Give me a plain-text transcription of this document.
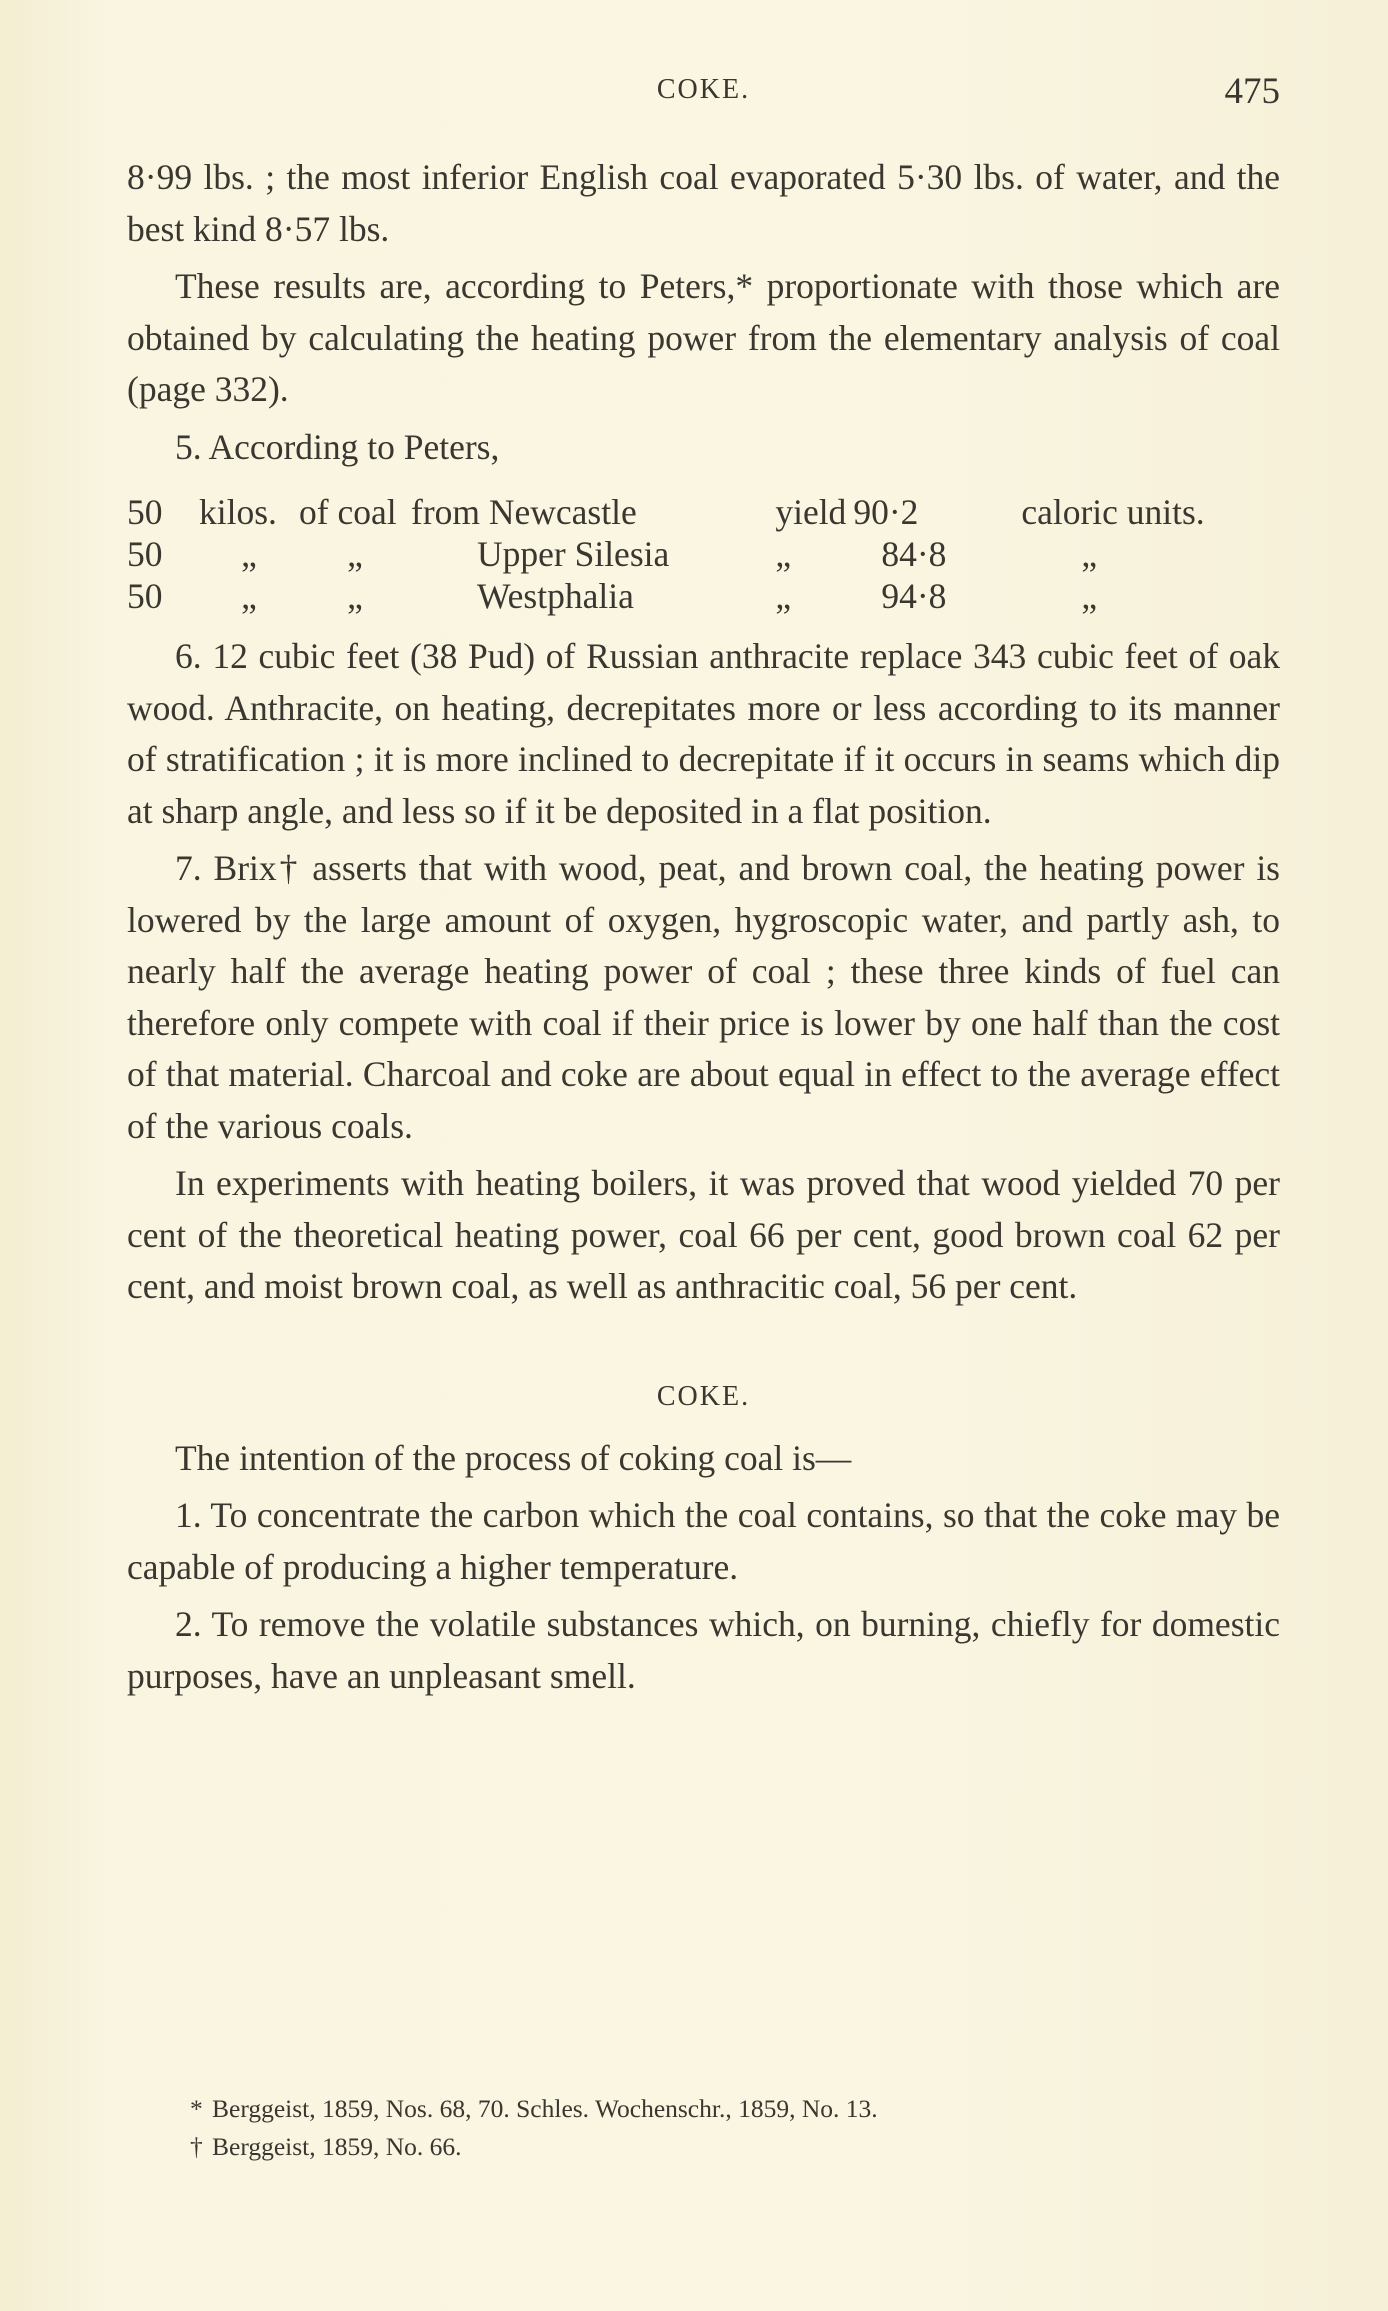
COKE.	475

8·99 lbs. ; the most inferior English coal evaporated 5·30 lbs. of water, and the best kind 8·57 lbs.

These results are, according to Peters,* proportionate with those which are obtained by calculating the heating power from the elementary analysis of coal (page 332).

5. According to Peters,

50	kilos.	of coal	from Newcastle	yield	90·2	caloric units.
50	„	„	Upper Silesia	„	84·8	„
50	„	„	Westphalia	„	94·8	„

6. 12 cubic feet (38 Pud) of Russian anthracite replace 343 cubic feet of oak wood. Anthracite, on heating, decrepitates more or less according to its manner of stratification ; it is more inclined to decrepitate if it occurs in seams which dip at sharp angle, and less so if it be deposited in a flat position.

7. Brix† asserts that with wood, peat, and brown coal, the heating power is lowered by the large amount of oxygen, hygroscopic water, and partly ash, to nearly half the average heating power of coal ; these three kinds of fuel can therefore only compete with coal if their price is lower by one half than the cost of that material. Charcoal and coke are about equal in effect to the average effect of the various coals.

In experiments with heating boilers, it was proved that wood yielded 70 per cent of the theoretical heating power, coal 66 per cent, good brown coal 62 per cent, and moist brown coal, as well as anthracitic coal, 56 per cent.

COKE.

The intention of the process of coking coal is—

1. To concentrate the carbon which the coal contains, so that the coke may be capable of producing a higher temperature.

2. To remove the volatile substances which, on burning, chiefly for domestic purposes, have an unpleasant smell.

* Berggeist, 1859, Nos. 68, 70. Schles. Wochenschr., 1859, No. 13.
† Berggeist, 1859, No. 66.
